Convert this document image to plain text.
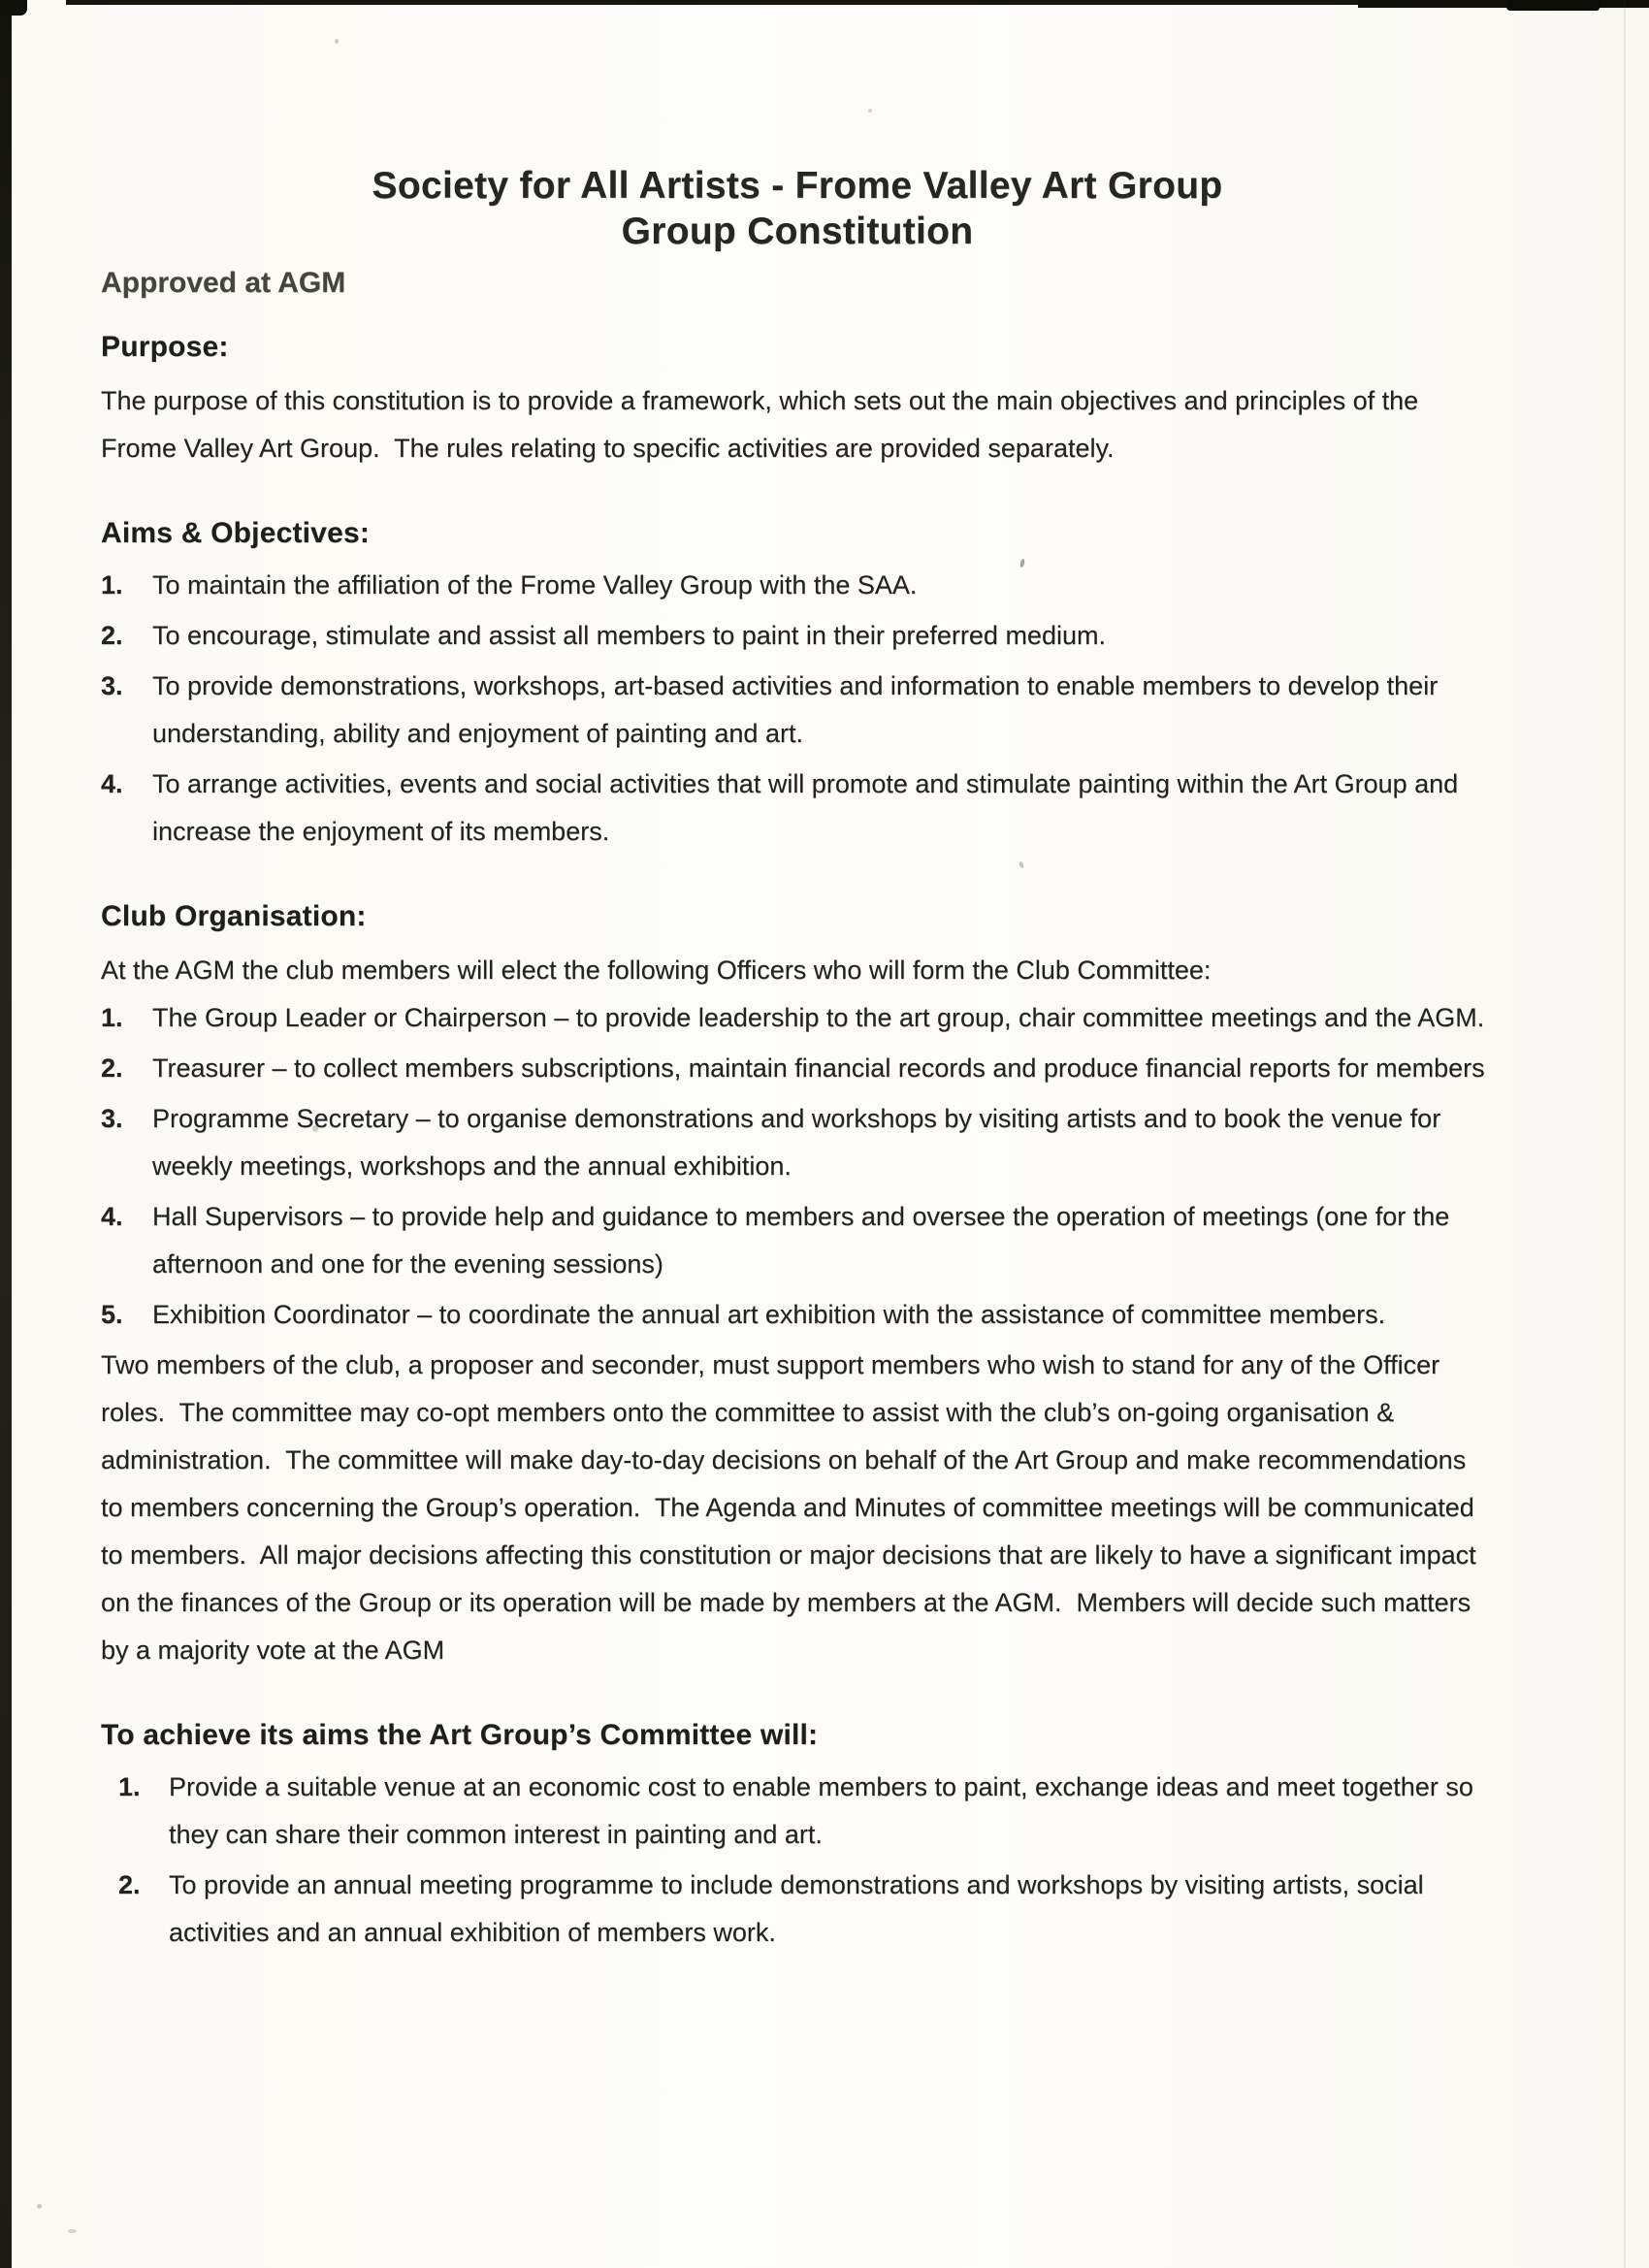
Society for All Artists - Frome Valley Art Group
Group Constitution
Approved at AGM
Purpose:

The purpose of this constitution is to provide a framework, which sets out the main objectives and principles of the Frome Valley Art Group.  The rules relating to specific activities are provided separately.

Aims & Objectives:
1.	To maintain the affiliation of the Frome Valley Group with the SAA.
2.	To encourage, stimulate and assist all members to paint in their preferred medium.
3.	To provide demonstrations, workshops, art-based activities and information to enable members to develop their understanding, ability and enjoyment of painting and art.
4.	To arrange activities, events and social activities that will promote and stimulate painting within the Art Group and increase the enjoyment of its members.
Club Organisation:

At the AGM the club members will elect the following Officers who will form the Club Committee:

1.	The Group Leader or Chairperson – to provide leadership to the art group, chair committee meetings and the AGM.
2.	Treasurer – to collect members subscriptions, maintain financial records and produce financial reports for members
3.	Programme Secretary – to organise demonstrations and workshops by visiting artists and to book the venue for weekly meetings, workshops and the annual exhibition.
4.	Hall Supervisors – to provide help and guidance to members and oversee the operation of meetings (one for the afternoon and one for the evening sessions)
5.	Exhibition Coordinator – to coordinate the annual art exhibition with the assistance of committee members.

Two members of the club, a proposer and seconder, must support members who wish to stand for any of the Officer roles.  The committee may co-opt members onto the committee to assist with the club’s on-going organisation & administration.  The committee will make day-to-day decisions on behalf of the Art Group and make recommendations to members concerning the Group’s operation.  The Agenda and Minutes of committee meetings will be communicated to members.  All major decisions affecting this constitution or major decisions that are likely to have a significant impact on the finances of the Group or its operation will be made by members at the AGM.  Members will decide such matters by a majority vote at the AGM

To achieve its aims the Art Group’s Committee will:
1.	Provide a suitable venue at an economic cost to enable members to paint, exchange ideas and meet together so they can share their common interest in painting and art.
2.	To provide an annual meeting programme to include demonstrations and workshops by visiting artists, social activities and an annual exhibition of members work.
